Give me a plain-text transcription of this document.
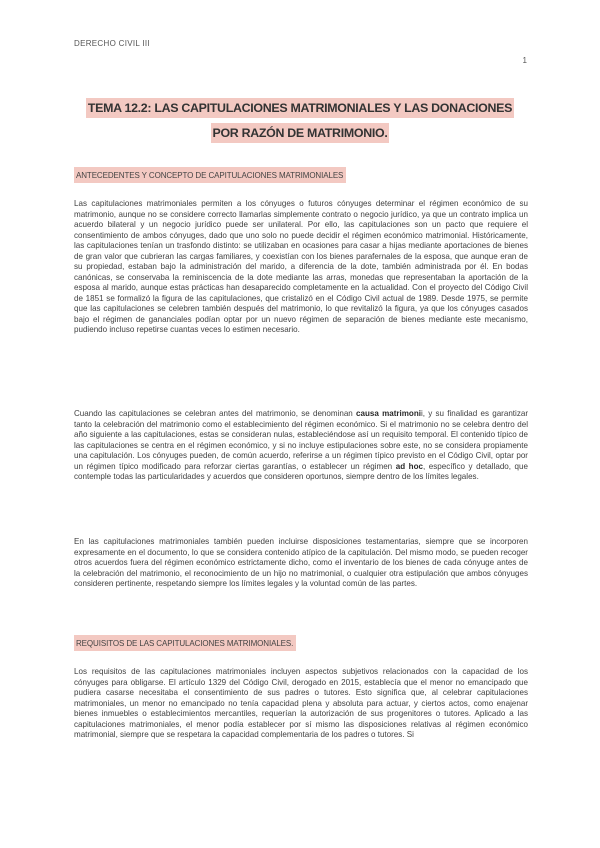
DERECHO CIVIL III
1
TEMA 12.2: LAS CAPITULACIONES MATRIMONIALES Y LAS DONACIONES POR RAZÓN DE MATRIMONIO.
ANTECEDENTES Y CONCEPTO DE CAPITULACIONES MATRIMONIALES

Las capitulaciones matrimoniales permiten a los cónyuges o futuros cónyuges determinar el régimen económico de su matrimonio, aunque no se considere correcto llamarlas simplemente contrato o negocio jurídico, ya que un contrato implica un acuerdo bilateral y un negocio jurídico puede ser unilateral. Por ello, las capitulaciones son un pacto que requiere el consentimiento de ambos cónyuges, dado que uno solo no puede decidir el régimen económico matrimonial. Históricamente, las capitulaciones tenían un trasfondo distinto: se utilizaban en ocasiones para casar a hijas mediante aportaciones de bienes de gran valor que cubrieran las cargas familiares, y coexistían con los bienes parafernales de la esposa, que aunque eran de su propiedad, estaban bajo la administración del marido, a diferencia de la dote, también administrada por él. En bodas canónicas, se conservaba la reminiscencia de la dote mediante las arras, monedas que representaban la aportación de la esposa al marido, aunque estas prácticas han desaparecido completamente en la actualidad. Con el proyecto del Código Civil de 1851 se formalizó la figura de las capitulaciones, que cristalizó en el Código Civil actual de 1989. Desde 1975, se permite que las capitulaciones se celebren también después del matrimonio, lo que revitalizó la figura, ya que los cónyuges casados bajo el régimen de gananciales podían optar por un nuevo régimen de separación de bienes mediante este mecanismo, pudiendo incluso repetirse cuantas veces lo estimen necesario.

Cuando las capitulaciones se celebran antes del matrimonio, se denominan causa matrimonii, y su finalidad es garantizar tanto la celebración del matrimonio como el establecimiento del régimen económico. Si el matrimonio no se celebra dentro del año siguiente a las capitulaciones, estas se consideran nulas, estableciéndose así un requisito temporal. El contenido típico de las capitulaciones se centra en el régimen económico, y si no incluye estipulaciones sobre este, no se considera propiamente una capitulación. Los cónyuges pueden, de común acuerdo, referirse a un régimen típico previsto en el Código Civil, optar por un régimen típico modificado para reforzar ciertas garantías, o establecer un régimen ad hoc, específico y detallado, que contemple todas las particularidades y acuerdos que consideren oportunos, siempre dentro de los límites legales.

En las capitulaciones matrimoniales también pueden incluirse disposiciones testamentarias, siempre que se incorporen expresamente en el documento, lo que se considera contenido atípico de la capitulación. Del mismo modo, se pueden recoger otros acuerdos fuera del régimen económico estrictamente dicho, como el inventario de los bienes de cada cónyuge antes de la celebración del matrimonio, el reconocimiento de un hijo no matrimonial, o cualquier otra estipulación que ambos cónyuges consideren pertinente, respetando siempre los límites legales y la voluntad común de las partes.

REQUISITOS DE LAS CAPITULACIONES MATRIMONIALES.

Los requisitos de las capitulaciones matrimoniales incluyen aspectos subjetivos relacionados con la capacidad de los cónyuges para obligarse. El artículo 1329 del Código Civil, derogado en 2015, establecía que el menor no emancipado que pudiera casarse necesitaba el consentimiento de sus padres o tutores. Esto significa que, al celebrar capitulaciones matrimoniales, un menor no emancipado no tenía capacidad plena y absoluta para actuar, y ciertos actos, como enajenar bienes inmuebles o establecimientos mercantiles, requerían la autorización de sus progenitores o tutores. Aplicado a las capitulaciones matrimoniales, el menor podía establecer por sí mismo las disposiciones relativas al régimen económico matrimonial, siempre que se respetara la capacidad complementaria de los padres o tutores. Si
